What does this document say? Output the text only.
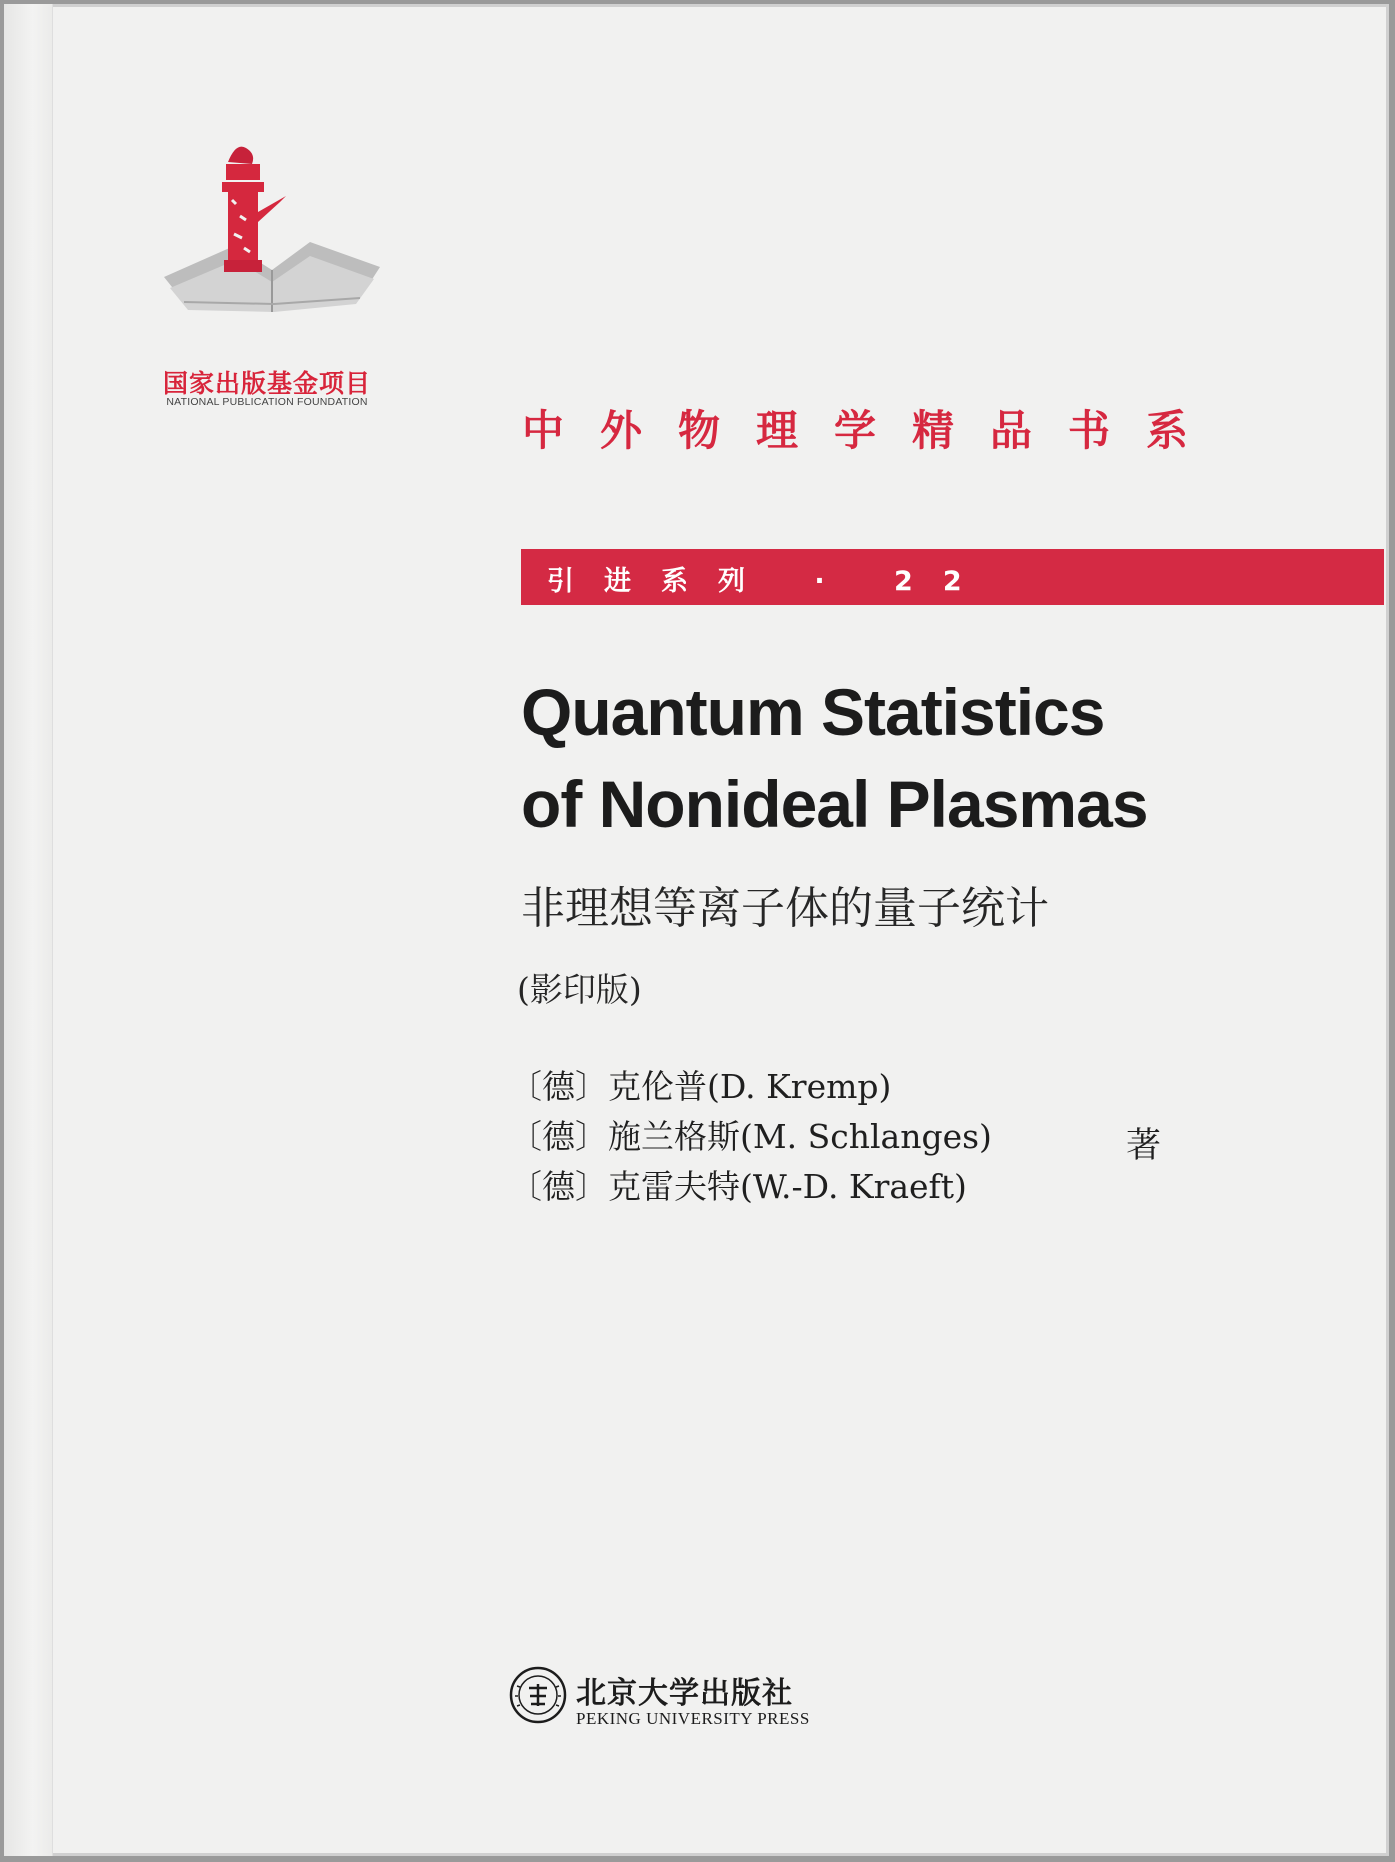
国家出版基金项目
NATIONAL PUBLICATION FOUNDATION
中外物理学精品书系
引进系列 · 22
Quantum Statistics
of Nonideal Plasmas
非理想等离子体的量子统计
(影印版)
〔德〕克伦普(D. Kremp)
〔德〕施兰格斯(M. Schlanges)
〔德〕克雷夫特(W.-D. Kraeft)
著
北京大学出版社
PEKING UNIVERSITY PRESS
